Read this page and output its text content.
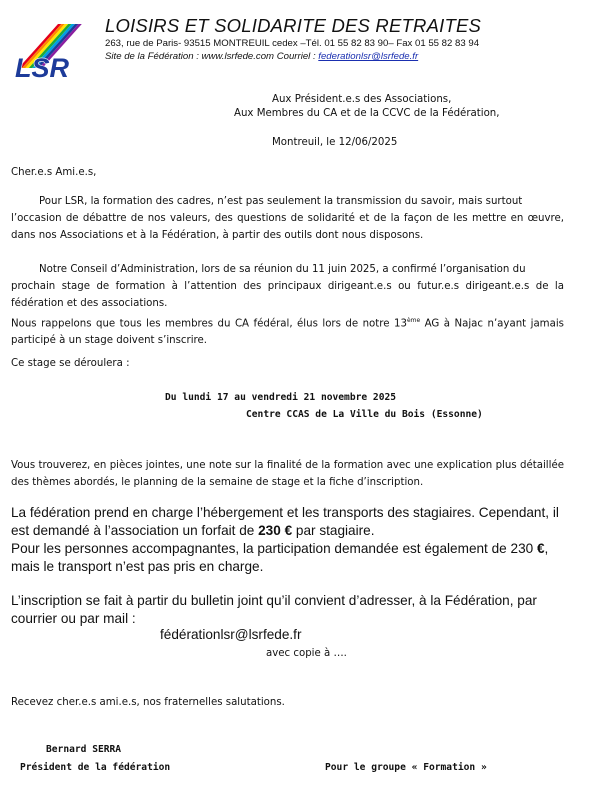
LSR
LOISIRS ET SOLIDARITE DES RETRAITES
263, rue de Paris- 93515 MONTREUIL cedex –Tél. 01 55 82 83 90– Fax 01 55 82 83 94
Site de la Fédération : www.lsrfede.com Courriel : federationlsr@lsrfede.fr
Aux Président.e.s des Associations,
Aux Membres du CA et de la CCVC de la Fédération,
Montreuil, le 12/06/2025
Cher.e.s Ami.e.s,
Pour LSR, la formation des cadres, n’est pas seulement la transmission du savoir, mais surtout
l’occasion de débattre de nos valeurs, des questions de solidarité et de la façon de les mettre en œuvre, dans nos Associations et à la Fédération, à partir des outils dont nous disposons.
Notre Conseil d’Administration, lors de sa réunion du 11 juin 2025, a confirmé l’organisation du
prochain stage de formation à l’attention des principaux dirigeant.e.s ou futur.e.s dirigeant.e.s de la fédération et des associations.
Nous rappelons que tous les membres du CA fédéral, élus lors de notre 13ème AG à Najac n’ayant jamais participé à un stage doivent s’inscrire.
Ce stage se déroulera :
Du lundi 17 au vendredi 21 novembre 2025
Centre CCAS de La Ville du Bois (Essonne)
Vous trouverez, en pièces jointes, une note sur la finalité de la formation avec une explication plus détaillée des thèmes abordés, le planning de la semaine de stage et la fiche d’inscription.
La fédération prend en charge l’hébergement et les transports des stagiaires. Cependant, il est demandé à l’association un forfait de 230 € par stagiaire.
Pour les personnes accompagnantes, la participation demandée est également de 230 €, mais le transport n’est pas pris en charge.
L’inscription se fait à partir du bulletin joint qu’il convient d’adresser, à la Fédération, par courrier ou par mail :
fédérationlsr@lsrfede.fr
avec copie à ….
Recevez cher.e.s ami.e.s, nos fraternelles salutations.
Bernard SERRA
Président de la fédération	Pour le groupe « Formation »
